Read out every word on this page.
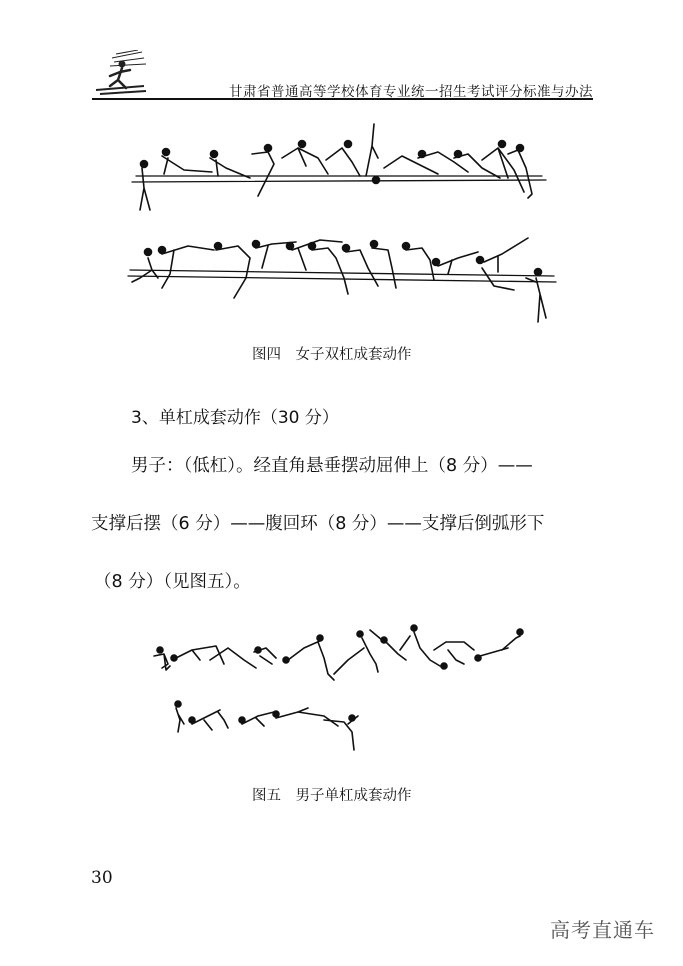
甘肃省普通高等学校体育专业统一招生考试评分标准与办法
图四　女子双杠成套动作
3、单杠成套动作（30 分）
男子：（低杠）。经直角悬垂摆动屈伸上（8 分）——
支撑后摆（6 分）——腹回环（8 分）——支撑后倒弧形下
（8 分）（见图五）。
图五　男子单杠成套动作
30
高考直通车
